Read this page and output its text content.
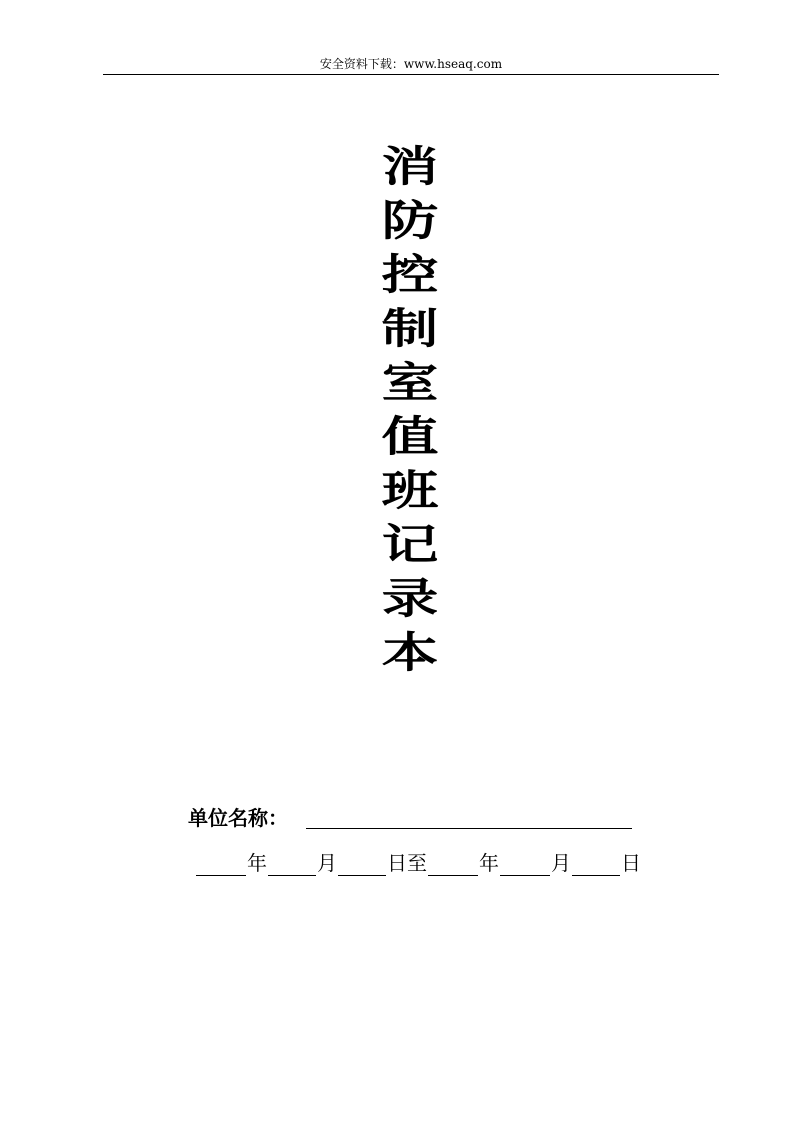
安全资料下载：www.hseaq.com
消
防
控
制
室
值
班
记
录
本
单位名称：
年	月	日至	年	月	日
